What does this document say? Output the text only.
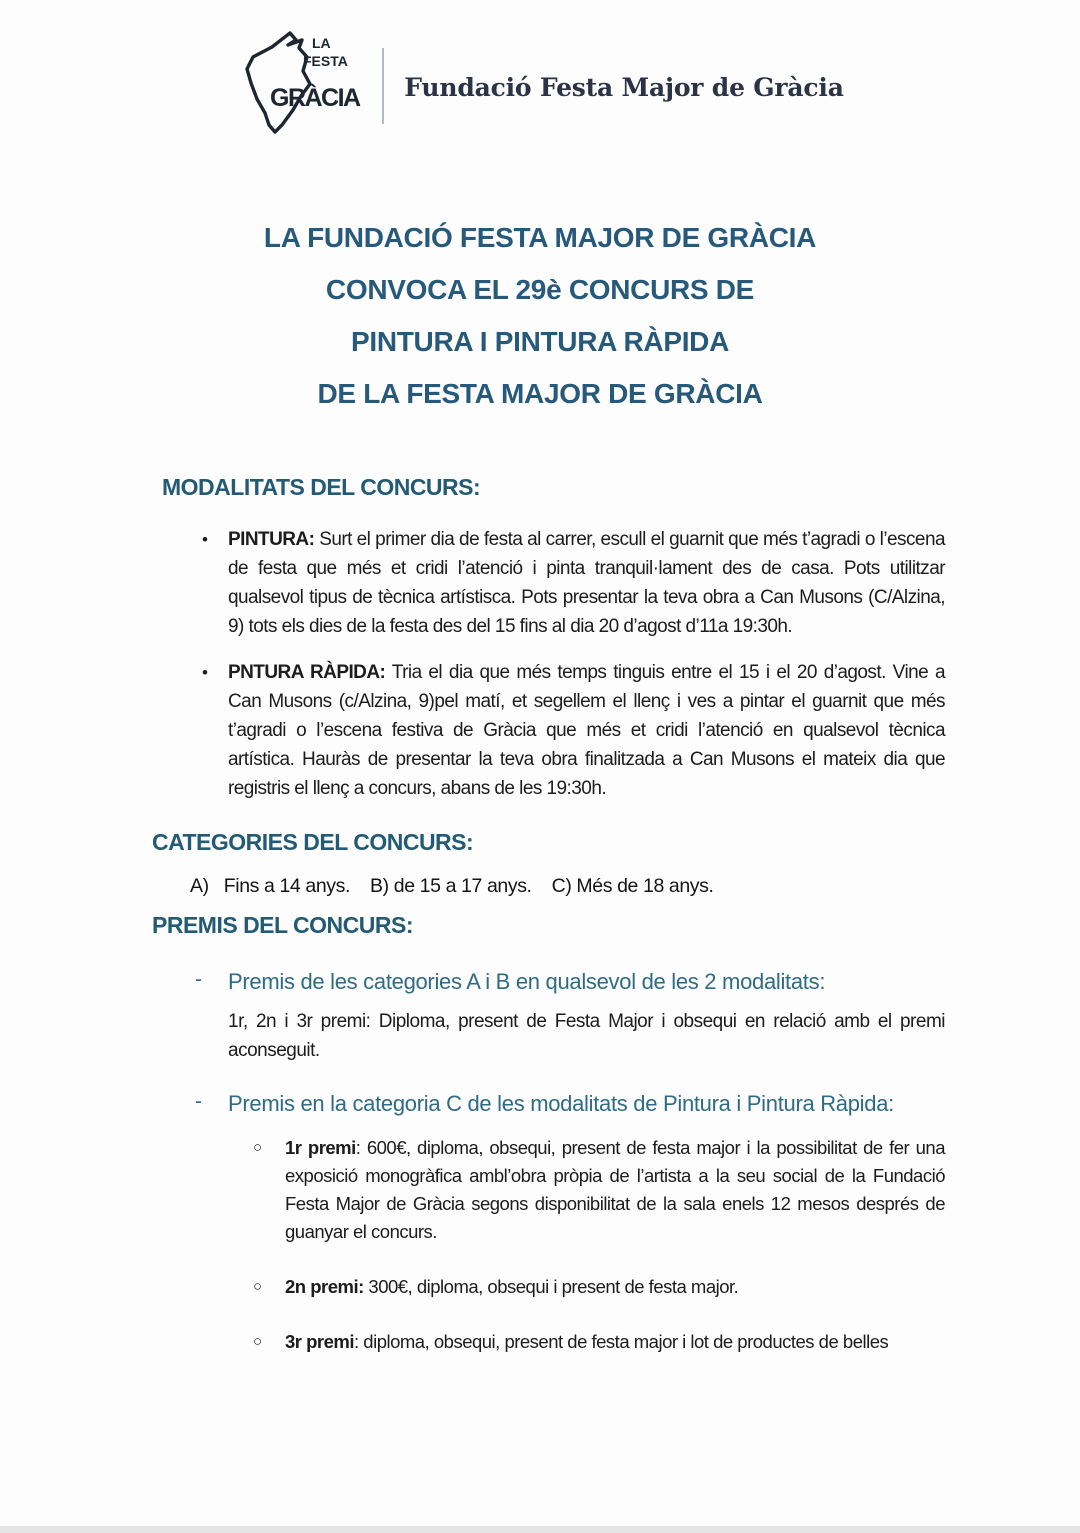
LA
FESTA
GRÀCIA Fundació Festa Major de Gràcia
LA FUNDACIÓ FESTA MAJOR DE GRÀCIA
CONVOCA EL 29è CONCURS DE
PINTURA I PINTURA RÀPIDA
DE LA FESTA MAJOR DE GRÀCIA
MODALITATS DEL CONCURS:
•	PINTURA: Surt el primer dia de festa al carrer, escull el guarnit que més t’agradi o l’escena de festa que més et cridi l’atenció i pinta tranquil·lament des de casa. Pots utilitzar qualsevol tipus de tècnica artístisca. Pots presentar la teva obra a Can Musons (C/Alzina, 9) tots els dies de la festa des del 15 fins al dia 20 d’agost d’11a 19:30h.

•	PNTURA RÀPIDA: Tria el dia que més temps tinguis entre el 15 i el 20 d’agost. Vine a Can Musons (c/Alzina, 9)pel matí, et segellem el llenç i ves a pintar el guarnit que més t’agradi o l’escena festiva de Gràcia que més et cridi l’atenció en qualsevol tècnica artística. Hauràs de presentar la teva obra finalitzada a Can Musons el mateix dia que registris el llenç a concurs, abans de les 19:30h.

CATEGORIES DEL CONCURS:

A)   Fins a 14 anys.    B) de 15 a 17 anys.    C) Més de 18 anys.

PREMIS DEL CONCURS:
-	Premis de les categories A i B en qualsevol de les 2 modalitats:

1r, 2n i 3r premi: Diploma, present de Festa Major i obsequi en relació amb el premi aconseguit.

-	Premis en la categoria C de les modalitats de Pintura i Pintura Ràpida:
○	1r premi: 600€, diploma, obsequi, present de festa major i la possibilitat de fer una exposició monogràfica ambl’obra pròpia de l’artista a la seu social de la Fundació Festa Major de Gràcia segons disponibilitat de la sala enels 12 mesos després de guanyar el concurs.

○	2n premi: 300€, diploma, obsequi i present de festa major.

○	3r premi: diploma, obsequi, present de festa major i lot de productes de belles
